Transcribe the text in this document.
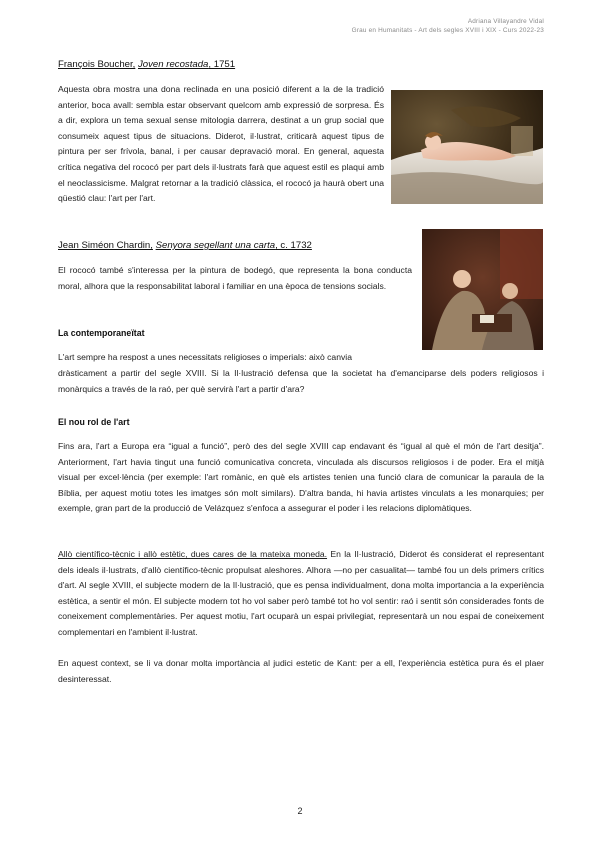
Adriana Villayandre Vidal
Grau en Humanitats - Art dels segles XVIII i XIX - Curs 2022-23
François Boucher, Joven recostada, 1751
Aquesta obra mostra una dona reclinada en una posició diferent a la de la tradició anterior, boca avall: sembla estar observant quelcom amb expressió de sorpresa. És a dir, explora un tema sexual sense mitologia darrera, destinat a un grup social que consumeix aquest tipus de situacions. Diderot, il·lustrat, criticarà aquest tipus de pintura per ser frívola, banal, i per causar depravació moral. En general, aquesta crítica negativa del rococó per part dels il·lustrats farà que aquest estil es plaqui amb el neoclassicisme. Malgrat retornar a la tradició clàssica, el rococó ja haurà obert una qüestió clau: l'art per l'art.
Jean Siméon Chardin, Senyora segellant una carta, c. 1732
El rococó també s'interessa per la pintura de bodegó, que representa la bona conducta moral, alhora que la responsabilitat laboral i familiar en una època de tensions socials.
La contemporaneïtat
L'art sempre ha respost a unes necessitats religioses o imperials: això canvia
dràsticament a partir del segle XVIII. Si la Il·lustració defensa que la societat ha d'emanciparse dels poders religiosos i monàrquics a través de la raó, per què servirà l'art a partir d'ara?
El nou rol de l'art
Fins ara, l'art a Europa era “igual a funció”, però des del segle XVIII cap endavant és “igual al què el món de l'art desitja”. Anteriorment, l'art havia tingut una funció comunicativa concreta, vinculada als discursos religiosos i de poder. Era el mitjà visual per excel·lència (per exemple: l'art romànic, en què els artistes tenien una funció clara de comunicar la paraula de la Bíblia, per aquest motiu totes les imatges són molt similars). D'altra banda, hi havia artistes vinculats a les monarquies; per exemple, gran part de la producció de Velázquez s'enfoca a assegurar el poder i les relacions diplomàtiques.
Allò científico-tècnic i allò estètic, dues cares de la mateixa moneda. En la Il·lustració, Diderot és considerat el representant dels ideals il·lustrats, d'allò científico-tècnic propulsat aleshores. Alhora —no per casualitat— també fou un dels primers crítics d'art. Al segle XVIII, el subjecte modern de la Il·lustració, que es pensa individualment, dona molta importancia a la experiència estètica, a sentir el món. El subjecte modern tot ho vol saber però també tot ho vol sentir: raó i sentit són considerades fonts de coneixement complementàries. Per aquest motiu, l'art ocuparà un espai privilegiat, representarà un nou espai de coneixement complementari en l'ambient il·lustrat.
En aquest context, se li va donar molta importància al judici estetic de Kant: per a ell, l'experiència estètica pura és el plaer desinteressat.
2
